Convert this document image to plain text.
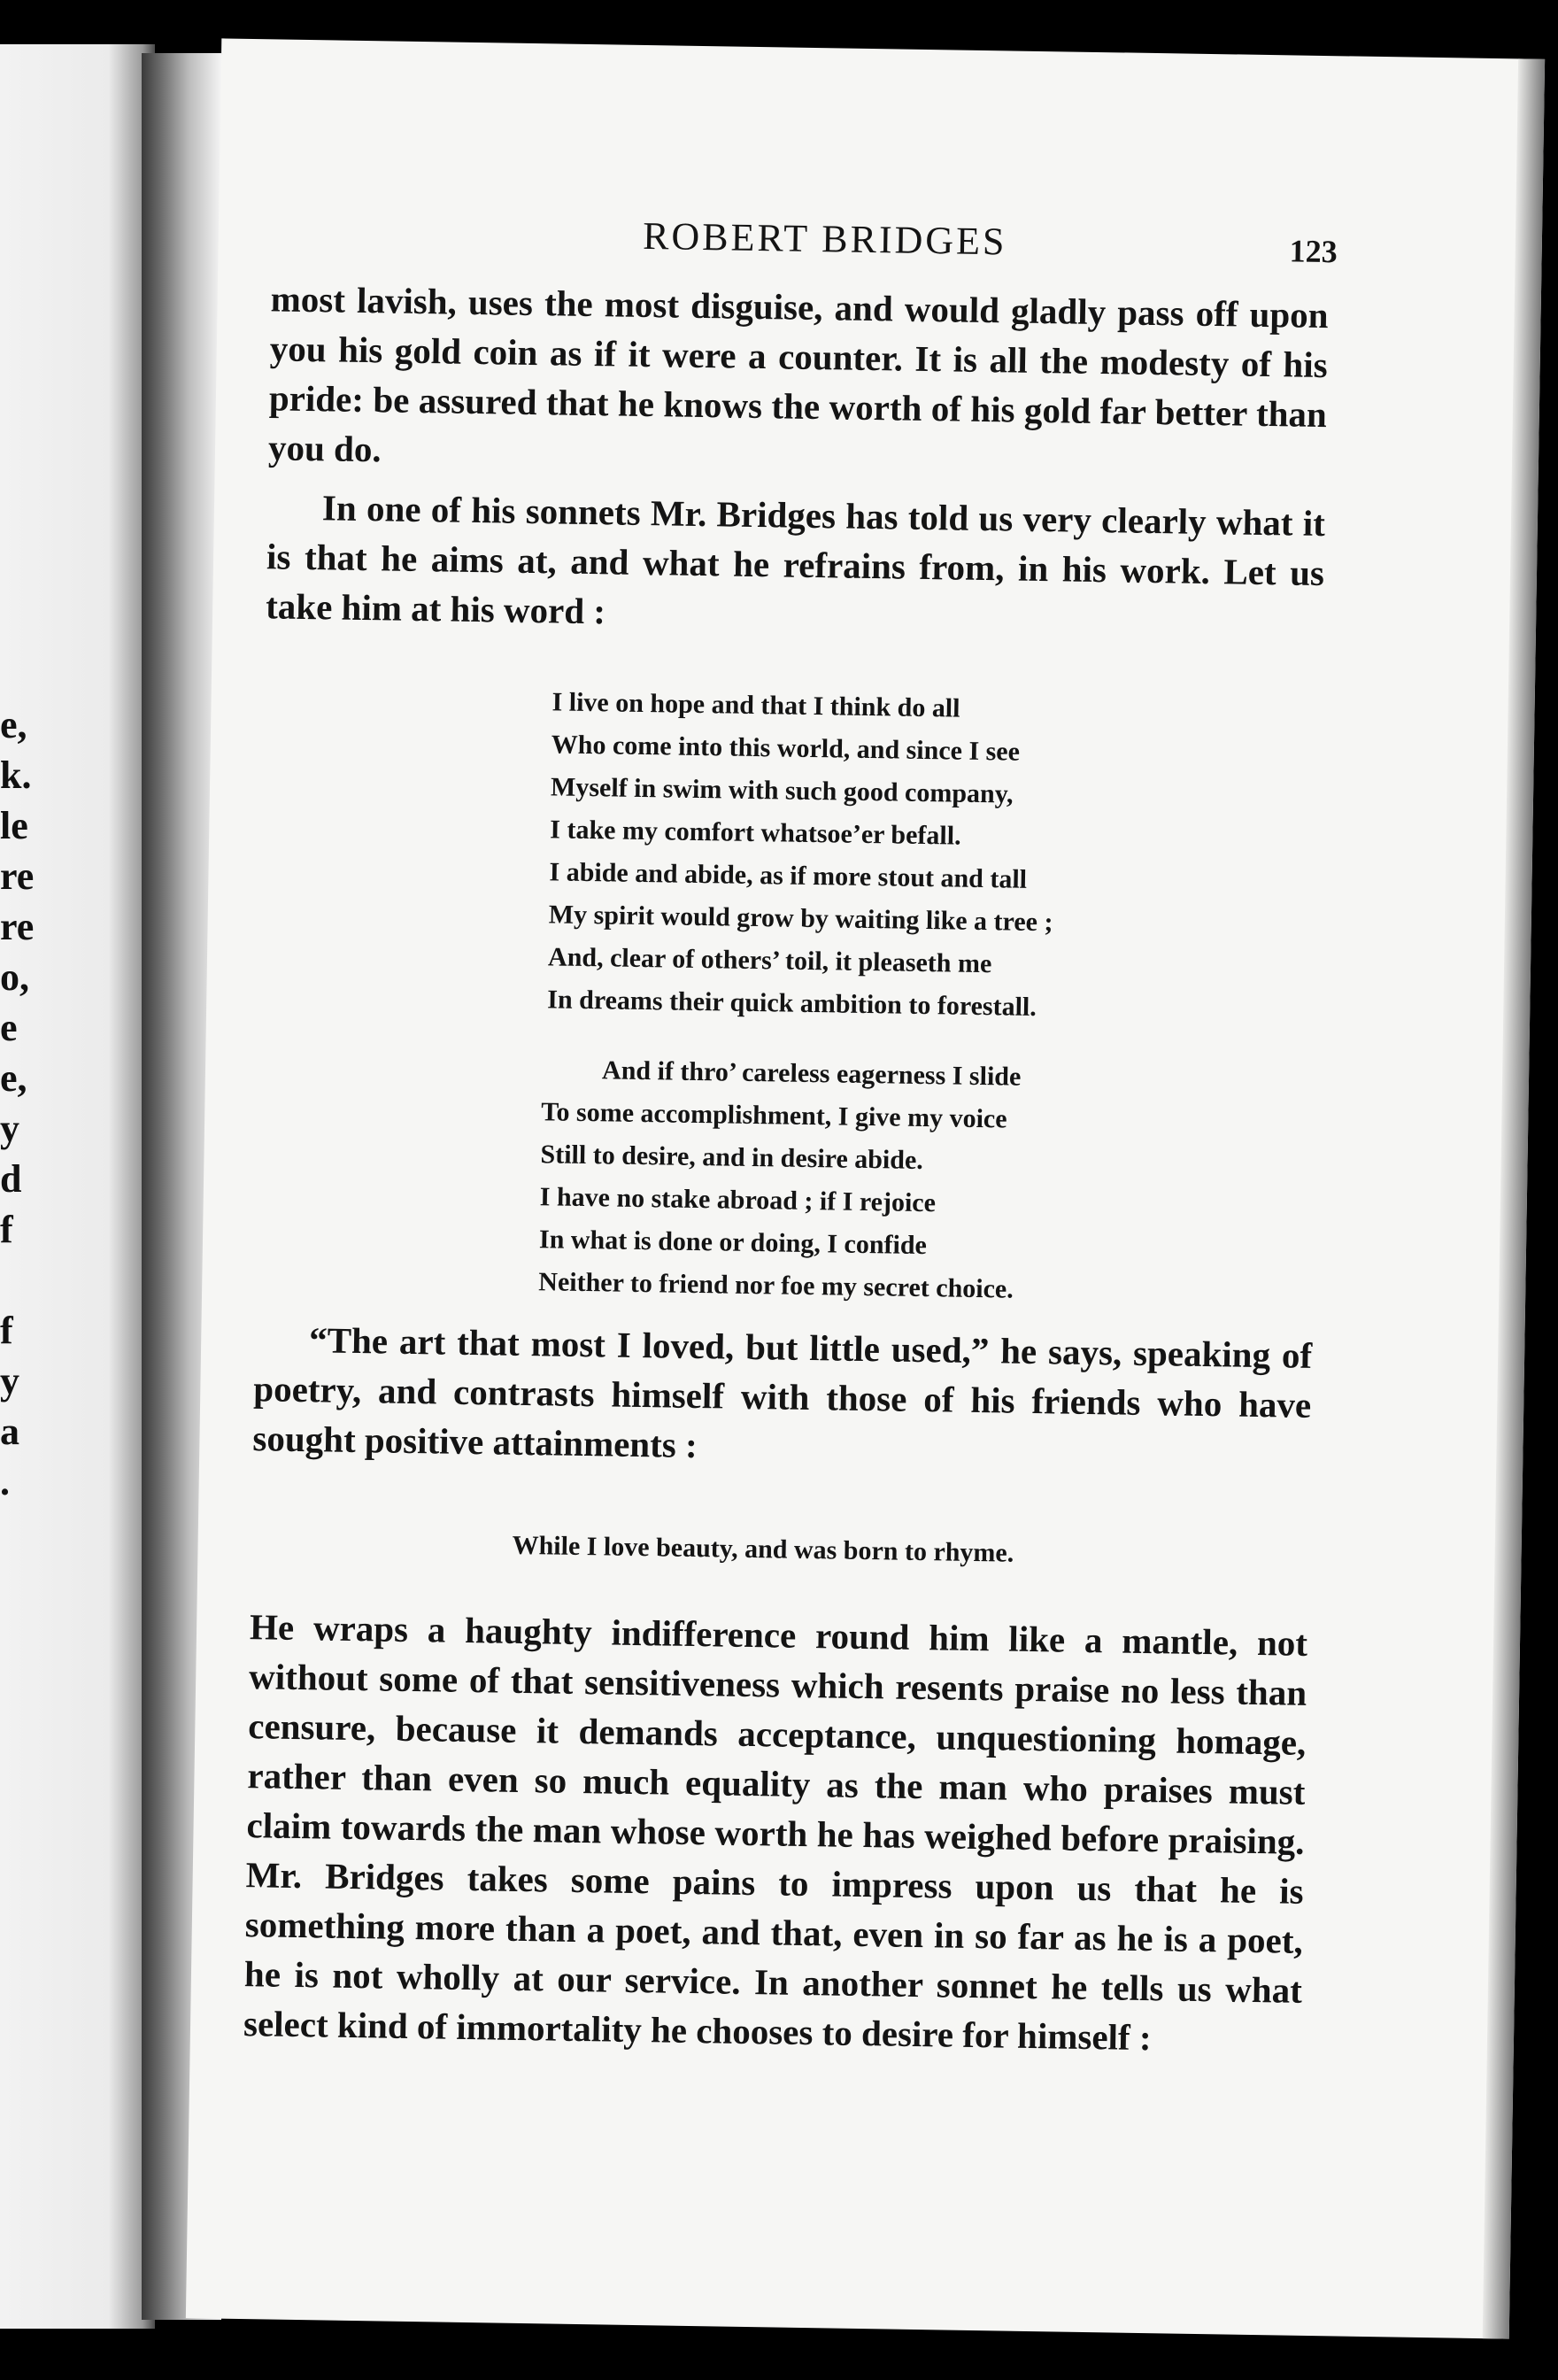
e,
k.
le
re
re
o,
e
e,
y
d
f

f
y
a
.
ROBERT BRIDGES	123

most lavish, uses the most disguise, and would gladly pass off upon you his gold coin as if it were a counter. It is all the modesty of his pride: be assured that he knows the worth of his gold far better than you do.

In one of his sonnets Mr. Bridges has told us very clearly what it is that he aims at, and what he refrains from, in his work. Let us take him at his word :

I live on hope and that I think do all
Who come into this world, and since I see
Myself in swim with such good company,
I take my comfort whatsoe’er befall.
I abide and abide, as if more stout and tall
My spirit would grow by waiting like a tree ;
And, clear of others’ toil, it pleaseth me
In dreams their quick ambition to forestall.
And if thro’ careless eagerness I slide
To some accomplishment, I give my voice
Still to desire, and in desire abide.
I have no stake abroad ; if I rejoice
In what is done or doing, I confide
Neither to friend nor foe my secret choice.

“The art that most I loved, but little used,” he says, speaking of poetry, and contrasts himself with those of his friends who have sought positive attainments :

While I love beauty, and was born to rhyme.

He wraps a haughty indifference round him like a mantle, not without some of that sensitiveness which resents praise no less than censure, because it demands acceptance, unquestioning homage, rather than even so much equality as the man who praises must claim towards the man whose worth he has weighed before praising. Mr. Bridges takes some pains to impress upon us that he is something more than a poet, and that, even in so far as he is a poet, he is not wholly at our service. In another sonnet he tells us what select kind of immortality he chooses to desire for himself :
